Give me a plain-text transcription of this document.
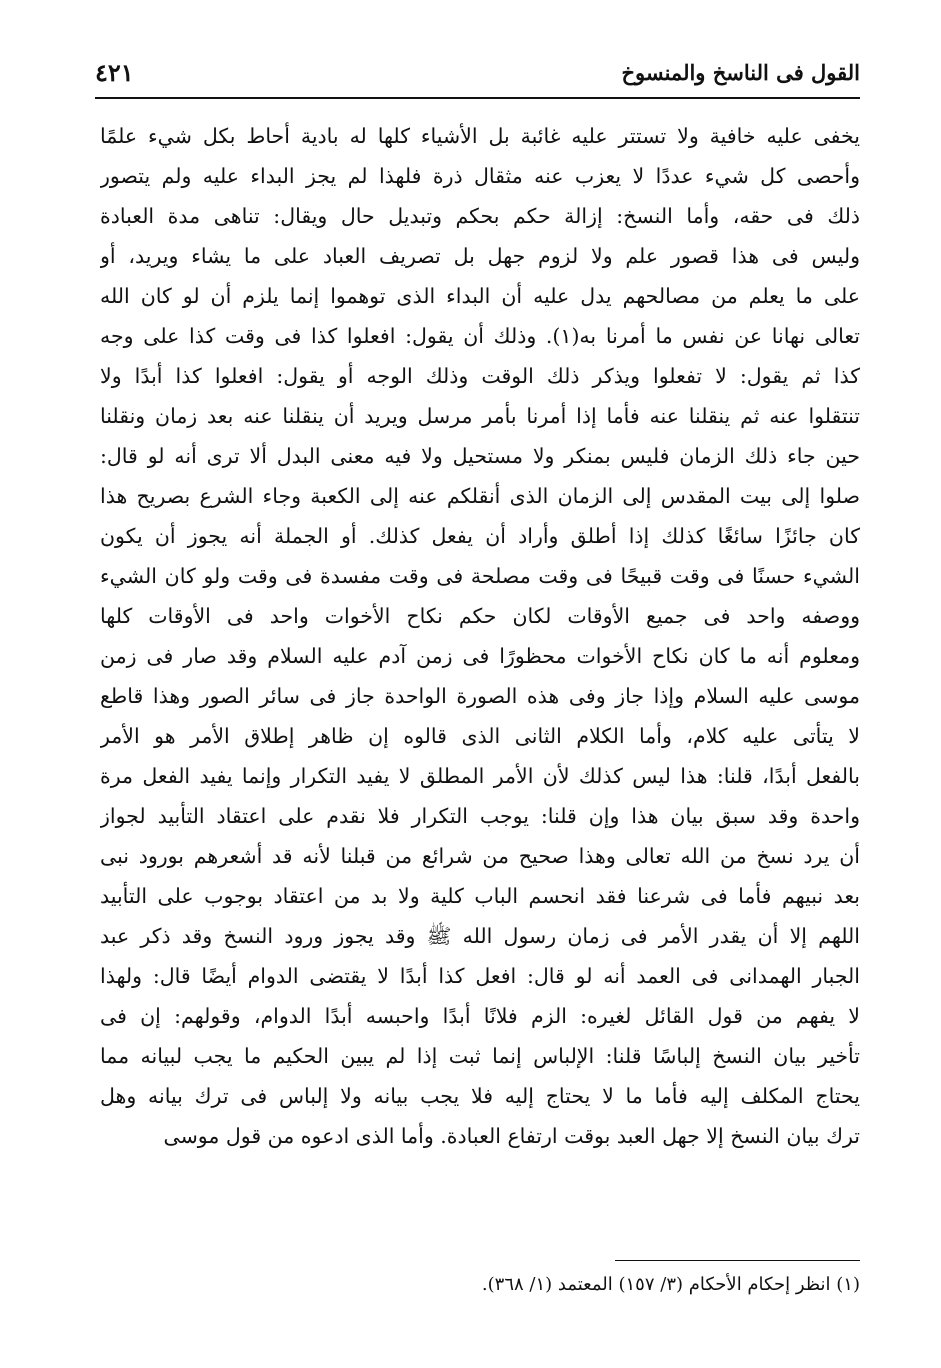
القول فى الناسخ والمنسوخ
٤٢١
يخفى عليه خافية ولا تستتر عليه غائبة بل الأشياء كلها له بادية أحاط بكل شيء علمًا
وأحصى كل شيء عددًا لا يعزب عنه مثقال ذرة فلهذا لم يجز البداء عليه ولم يتصور
ذلك فى حقه، وأما النسخ: إزالة حكم بحكم وتبديل حال ويقال: تناهى مدة العبادة
وليس فى هذا قصور علم ولا لزوم جهل بل تصريف العباد على ما يشاء ويريد، أو
على ما يعلم من مصالحهم يدل عليه أن البداء الذى توهموا إنما يلزم أن لو كان الله
تعالى نهانا عن نفس ما أمرنا به(١). وذلك أن يقول: افعلوا كذا فى وقت كذا على وجه
كذا ثم يقول: لا تفعلوا ويذكر ذلك الوقت وذلك الوجه أو يقول: افعلوا كذا أبدًا ولا
تنتقلوا عنه ثم ينقلنا عنه فأما إذا أمرنا بأمر مرسل ويريد أن ينقلنا عنه بعد زمان ونقلنا
حين جاء ذلك الزمان فليس بمنكر ولا مستحيل ولا فيه معنى البدل ألا ترى أنه لو قال:
صلوا إلى بيت المقدس إلى الزمان الذى أنقلكم عنه إلى الكعبة وجاء الشرع بصريح هذا
كان جائزًا سائغًا كذلك إذا أطلق وأراد أن يفعل كذلك. أو الجملة أنه يجوز أن يكون
الشيء حسنًا فى وقت قبيحًا فى وقت مصلحة فى وقت مفسدة فى وقت ولو كان الشيء
ووصفه واحد فى جميع الأوقات لكان حكم نكاح الأخوات واحد فى الأوقات كلها
ومعلوم أنه ما كان نكاح الأخوات محظورًا فى زمن آدم عليه السلام وقد صار فى زمن
موسى عليه السلام وإذا جاز وفى هذه الصورة الواحدة جاز فى سائر الصور وهذا قاطع
لا يتأتى عليه كلام، وأما الكلام الثانى الذى قالوه إن ظاهر إطلاق الأمر هو الأمر
بالفعل أبدًا، قلنا: هذا ليس كذلك لأن الأمر المطلق لا يفيد التكرار وإنما يفيد الفعل مرة
واحدة وقد سبق بيان هذا وإن قلنا: يوجب التكرار فلا نقدم على اعتقاد التأبيد لجواز
أن يرد نسخ من الله تعالى وهذا صحيح من شرائع من قبلنا لأنه قد أشعرهم بورود نبى
بعد نبيهم فأما فى شرعنا فقد انحسم الباب كلية ولا بد من اعتقاد بوجوب على التأبيد
اللهم إلا أن يقدر الأمر فى زمان رسول الله ﷺ وقد يجوز ورود النسخ وقد ذكر عبد
الجبار الهمدانى فى العمد أنه لو قال: افعل كذا أبدًا لا يقتضى الدوام أيضًا قال: ولهذا
لا يفهم من قول القائل لغيره: الزم فلانًا أبدًا واحبسه أبدًا الدوام، وقولهم: إن فى
تأخير بيان النسخ إلباسًا قلنا: الإلباس إنما ثبت إذا لم يبين الحكيم ما يجب لبيانه مما
يحتاج المكلف إليه فأما ما لا يحتاج إليه فلا يجب بيانه ولا إلباس فى ترك بيانه وهل
ترك بيان النسخ إلا جهل العبد بوقت ارتفاع العبادة. وأما الذى ادعوه من قول موسى
(١) انظر إحكام الأحكام (٣/ ١٥٧) المعتمد (١/ ٣٦٨).
